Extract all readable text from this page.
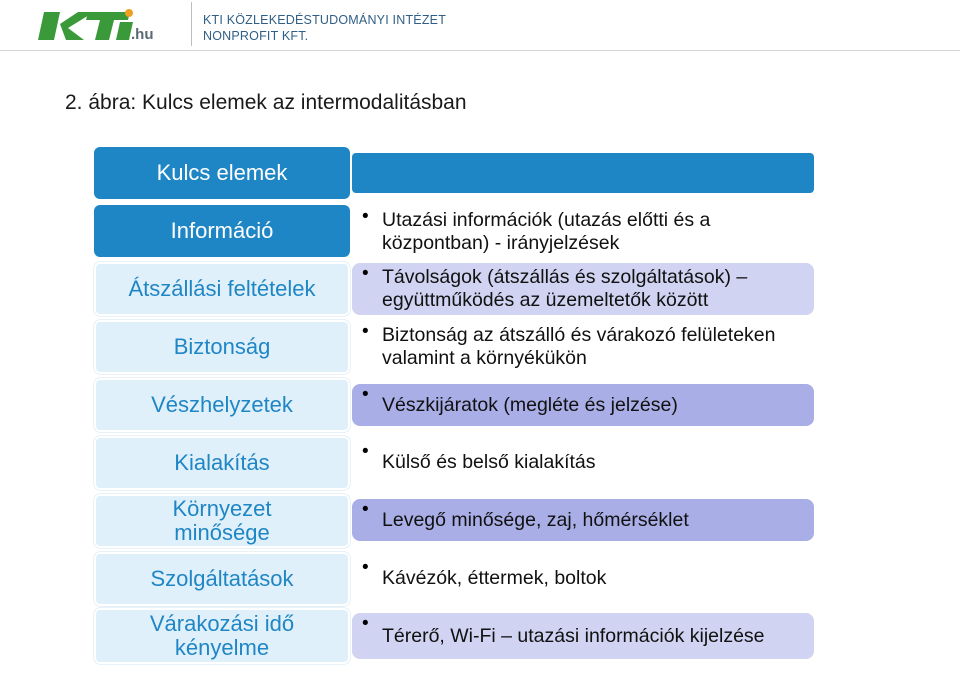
.hu
KTI KÖZLEKEDÉSTUDOMÁNYI INTÉZET
NONPROFIT KFT.
2. ábra: Kulcs elemek az intermodalitásban
Kulcs elemek
Információ
Átszállási feltételek
Biztonság
Vészhelyzetek
Kialakítás
Környezet minősége
Szolgáltatások
Várakozási idő kényelme
• Utazási információk (utazás előtti és a központban) - irányjelzések
• Távolságok (átszállás és szolgáltatások) – együttműködés az üzemeltetők között
• Biztonság az átszálló és várakozó felületeken valamint a környékükön
• Vészkijáratok (megléte és jelzése)
• Külső és belső kialakítás
• Levegő minősége, zaj, hőmérséklet
• Kávézók, éttermek, boltok
•
Térerő, Wi-Fi – utazási információk kijelzése
